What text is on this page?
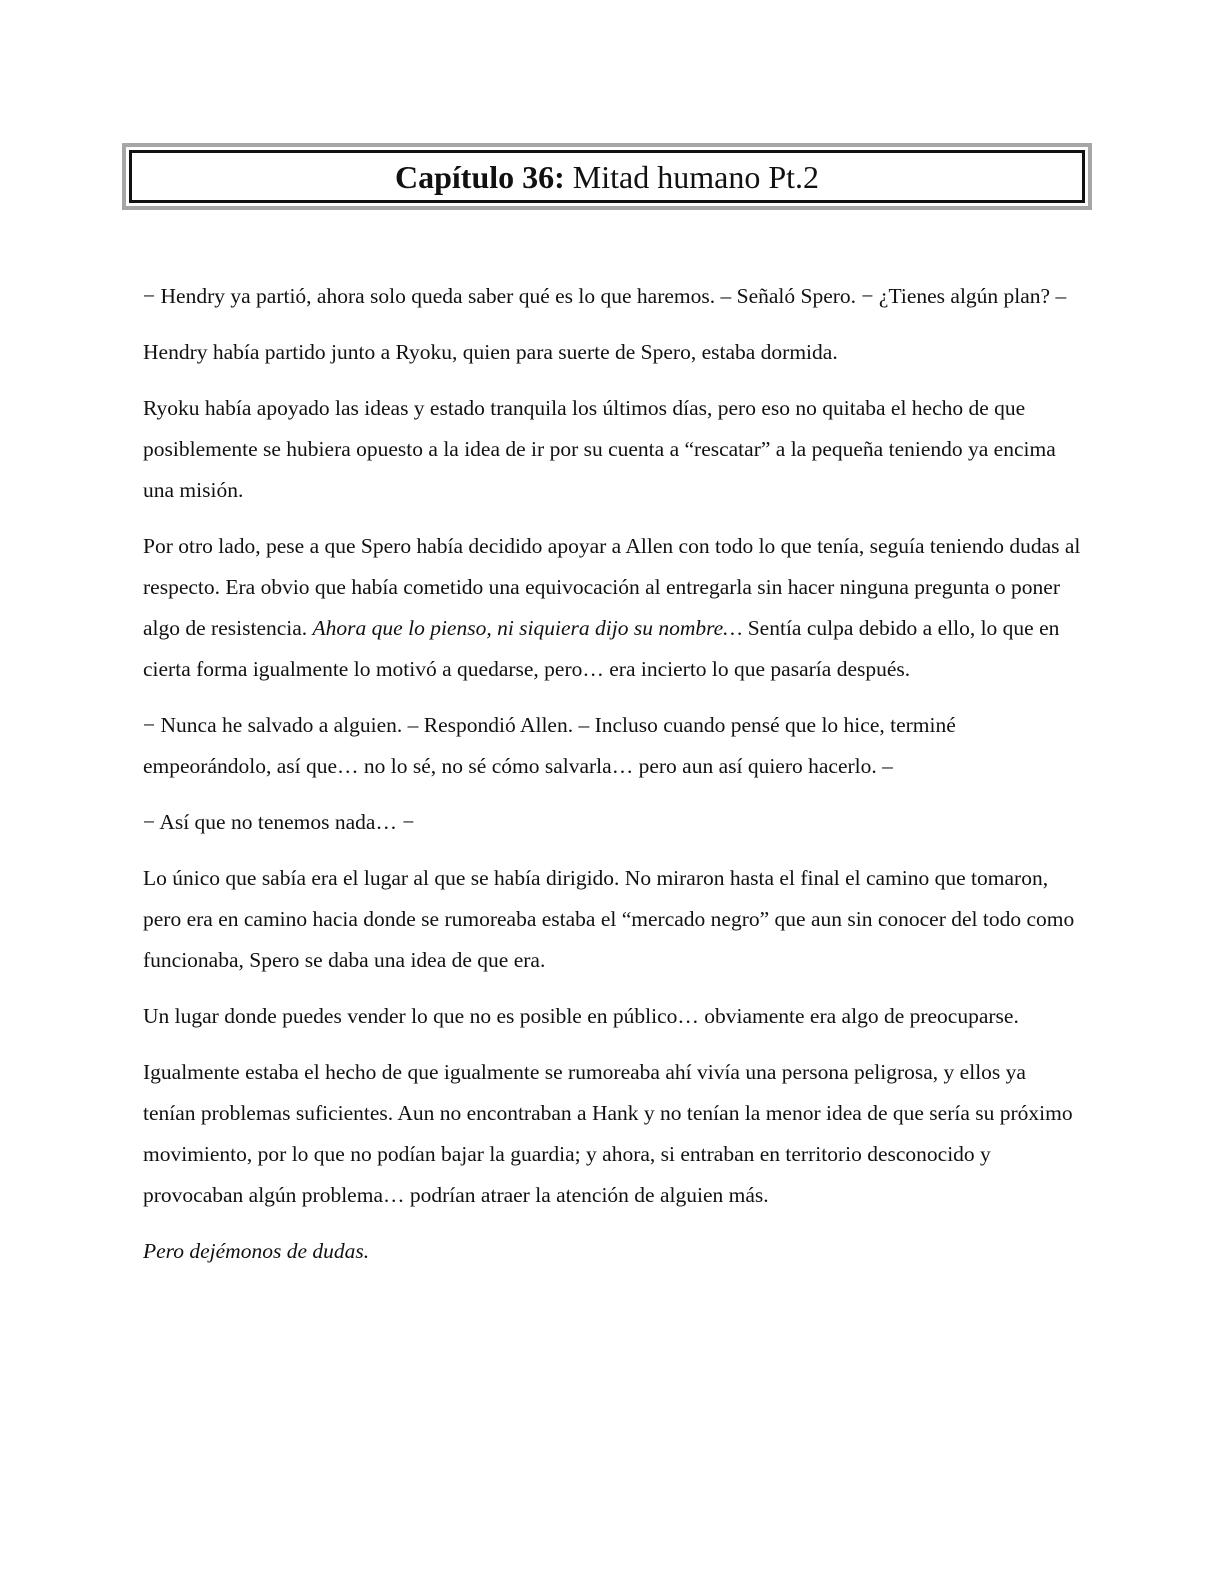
Capítulo 36:
Mitad humano Pt.2

− Hendry ya partió, ahora solo queda saber qué es lo que haremos. – Señaló Spero. − ¿Tienes algún plan? –

Hendry había partido junto a Ryoku, quien para suerte de Spero, estaba dormida.

Ryoku había apoyado las ideas y estado tranquila los últimos días, pero eso no quitaba el hecho de que posiblemente se hubiera opuesto a la idea de ir por su cuenta a “rescatar” a la pequeña teniendo ya encima una misión.

Por otro lado, pese a que Spero había decidido apoyar a Allen con todo lo que tenía, seguía teniendo dudas al respecto. Era obvio que había cometido una equivocación al entregarla sin hacer ninguna pregunta o poner algo de resistencia. Ahora que lo pienso, ni siquiera dijo su nombre… Sentía culpa debido a ello, lo que en cierta forma igualmente lo motivó a quedarse, pero… era incierto lo que pasaría después.

− Nunca he salvado a alguien. – Respondió Allen. – Incluso cuando pensé que lo hice, terminé empeorándolo, así que… no lo sé, no sé cómo salvarla… pero aun así quiero hacerlo. –

− Así que no tenemos nada… −

Lo único que sabía era el lugar al que se había dirigido. No miraron hasta el final el camino que tomaron, pero era en camino hacia donde se rumoreaba estaba el “mercado negro” que aun sin conocer del todo como funcionaba, Spero se daba una idea de que era.

Un lugar donde puedes vender lo que no es posible en público… obviamente era algo de preocuparse.

Igualmente estaba el hecho de que igualmente se rumoreaba ahí vivía una persona peligrosa, y ellos ya tenían problemas suficientes. Aun no encontraban a Hank y no tenían la menor idea de que sería su próximo movimiento, por lo que no podían bajar la guardia; y ahora, si entraban en territorio desconocido y provocaban algún problema… podrían atraer la atención de alguien más.

Pero dejémonos de dudas.
